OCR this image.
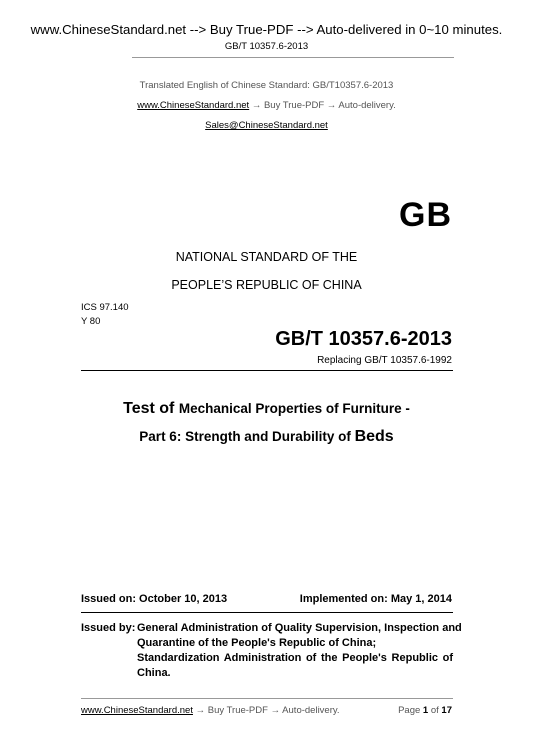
www.ChineseStandard.net --> Buy True-PDF --> Auto-delivered in 0~10 minutes.
GB/T 10357.6-2013
Translated English of Chinese Standard: GB/T10357.6-2013
www.ChineseStandard.net → Buy True-PDF → Auto-delivery.
Sales@ChineseStandard.net
GB
NATIONAL STANDARD OF THE
PEOPLE’S REPUBLIC OF CHINA
ICS 97.140
Y 80
GB/T 10357.6-2013
Replacing GB/T 10357.6-1992
Test of Mechanical Properties of Furniture -
Part 6: Strength and Durability of Beds
Issued on: October 10, 2013	Implemented on: May 1, 2014
Issued by: General Administration of Quality Supervision, Inspection and
Quarantine of the People's Republic of China;
Standardization Administration of the People's Republic of
China.
www.ChineseStandard.net → Buy True-PDF → Auto-delivery.	Page 1 of 17
